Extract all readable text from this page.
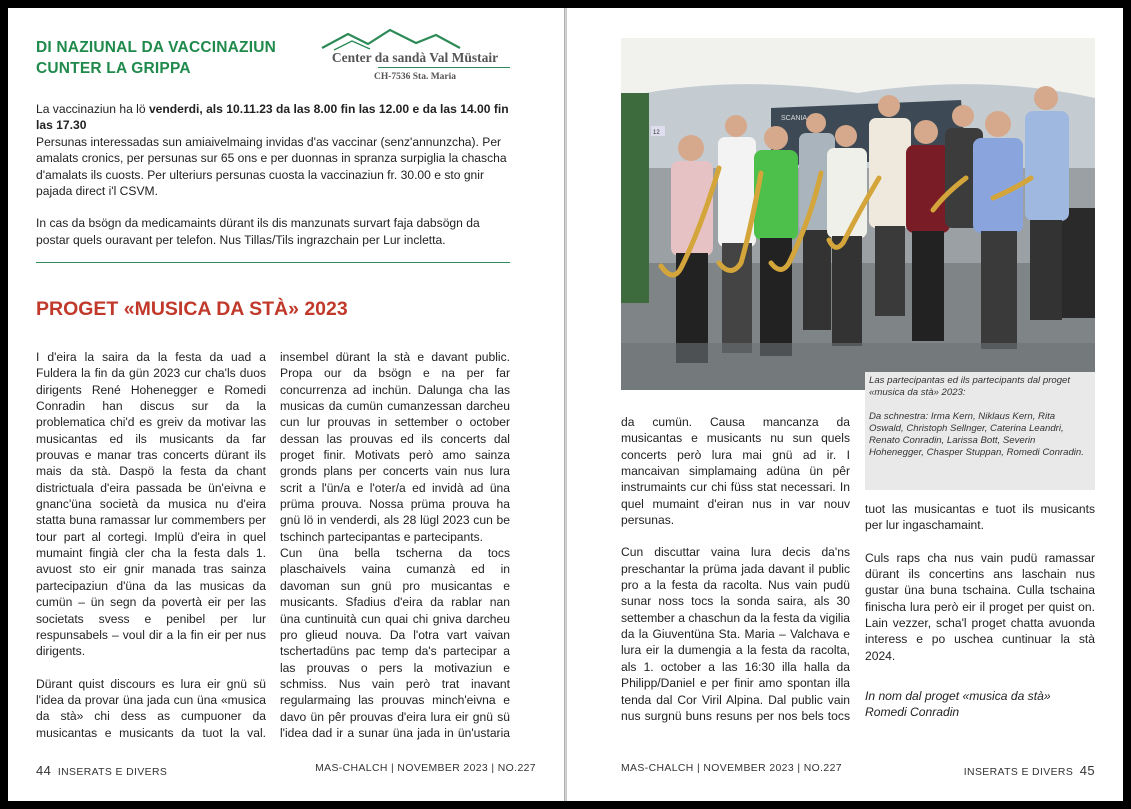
DI NAZIUNAL DA VACCINAZIUN CUNTER LA GRIPPA
Center da sandà Val Müstair
CH-7536 Sta. Maria

La vaccinaziun ha lö venderdi, als 10.11.23 da las 8.00 fin las 12.00 e da las 14.00 fin las 17.30
Persunas interessadas sun amiaivelmaing invidas d'as vaccinar (senz'annunzcha). Per amalats cronics, per persunas sur 65 ons e per duonnas in spranza surpiglia la chascha d'amalats ils cuosts. Per ulteriurs persunas cuosta la vaccinaziun fr. 30.00 e sto gnir pajada direct i'l CSVM.

In cas da bsögn da medicamaints dürant ils dis manzunats survart faja dabsögn da postar quels ouravant per telefon. Nus Tillas/Tils ingrazchain per Lur incletta.

PROGET «MUSICA DA STÀ» 2023

I d'eira la saira da la festa da uad a Fuldera la fin da gün 2023 cur cha'ls duos dirigents René Hohenegger e Romedi Conradin han discus sur da la problematica chi'd es greiv da motivar las musicantas ed ils musicants da far prouvas e manar tras concerts dürant ils mais da stà. Daspö la festa da chant districtuala d'eira passada be ün'eivna e gnanc'üna società da musica nu d'eira statta buna ramassar lur commembers per tour part al cortegi. Implü d'eira in quel mumaint fingià cler cha la festa dals 1. avuost sto eir gnir manada tras sainza partecipaziun d'üna da las musicas da cumün – ün segn da povertà eir per las societats svess e penibel per lur respunsabels – voul dir a la fin eir per nus dirigents.

Dürant quist discours es lura eir gnü sü l'idea da provar üna jada cun üna «musica da stà» chi dess as cumpuoner da musicantas e musicants da tuot la val.

insembel dürant la stà e davant public. Propa our da bsögn e na per far concurrenza ad inchün. Dalunga cha las musicas da cumün cumanzessan darcheu cun lur prouvas in settember o october dessan las prouvas ed ils concerts dal proget finir. Motivats però amo sainza gronds plans per concerts vain nus lura scrit a l'ün/a e l'oter/a ed invidà ad üna prüma prouva. Nossa prüma prouva ha gnü lö in venderdi, als 28 lügl 2023 cun be tschinch partecipantas e partecipants.

Cun üna bella tscherna da tocs plaschaivels vaina cumanzà ed in davoman sun gnü pro musicantas e musicants. Sfadius d'eira da rablar nan üna cuntinuità cun quai chi gniva darcheu pro glieud nouva. Da l'otra vart vaivan tschertadüns pac temp da's partecipar a las prouvas o pers la motivaziun e schmiss. Nus vain però trat inavant regularmaing las prouvas minch'eivna e davo ün pêr prouvas d'eira lura eir gnü sü l'idea dad ir a sunar üna jada in ün'ustaria

44 INSERATS E DIVERS	MAS-CHALCH | NOVEMBER 2023 | NO.227
SCANIA
12

Las partecipantas ed ils partecipants dal proget «musica da stà» 2023:

Da schnestra: Irma Kern, Niklaus Kern, Rita Oswald, Christoph Sellnger, Caterina Leandri, Renato Conradin, Larissa Bott, Severin Hohenegger, Chasper Stuppan, Romedi Conradin.

da cumün. Causa mancanza da musicantas e musicants nu sun quels concerts però lura mai gnü ad ir. I mancaivan simplamaing adüna ün pêr instrumaints cur chi füss stat necessari. In quel mumaint d'eiran nus in var nouv persunas.

Cun discuttar vaina lura decis da'ns preschantar la prüma jada davant il public pro a la festa da racolta. Nus vain pudü sunar noss tocs la sonda saira, als 30 settember a chaschun da la festa da vigilia da la Giuventüna Sta. Maria – Valchava e lura eir la dumengia a la festa da racolta, als 1. october a las 16:30 illa halla da Philipp/Daniel e per finir amo spontan illa tenda dal Cor Viril Alpina. Dal public vain nus surgnü buns resuns per nos bels tocs

tuot las musicantas e tuot ils musicants per lur ingaschamaint.

Culs raps cha nus vain pudü ramassar dürant ils concertins ans laschain nus gustar üna buna tschaina. Culla tschaina finischa lura però eir il proget per quist on. Lain vezzer, scha'l proget chatta avuonda interess e po uschea cuntinuar la stà 2024.

In nom dal proget «musica da stà»
Romedi Conradin
MAS-CHALCH | NOVEMBER 2023 | NO.227	INSERATS E DIVERS 45
